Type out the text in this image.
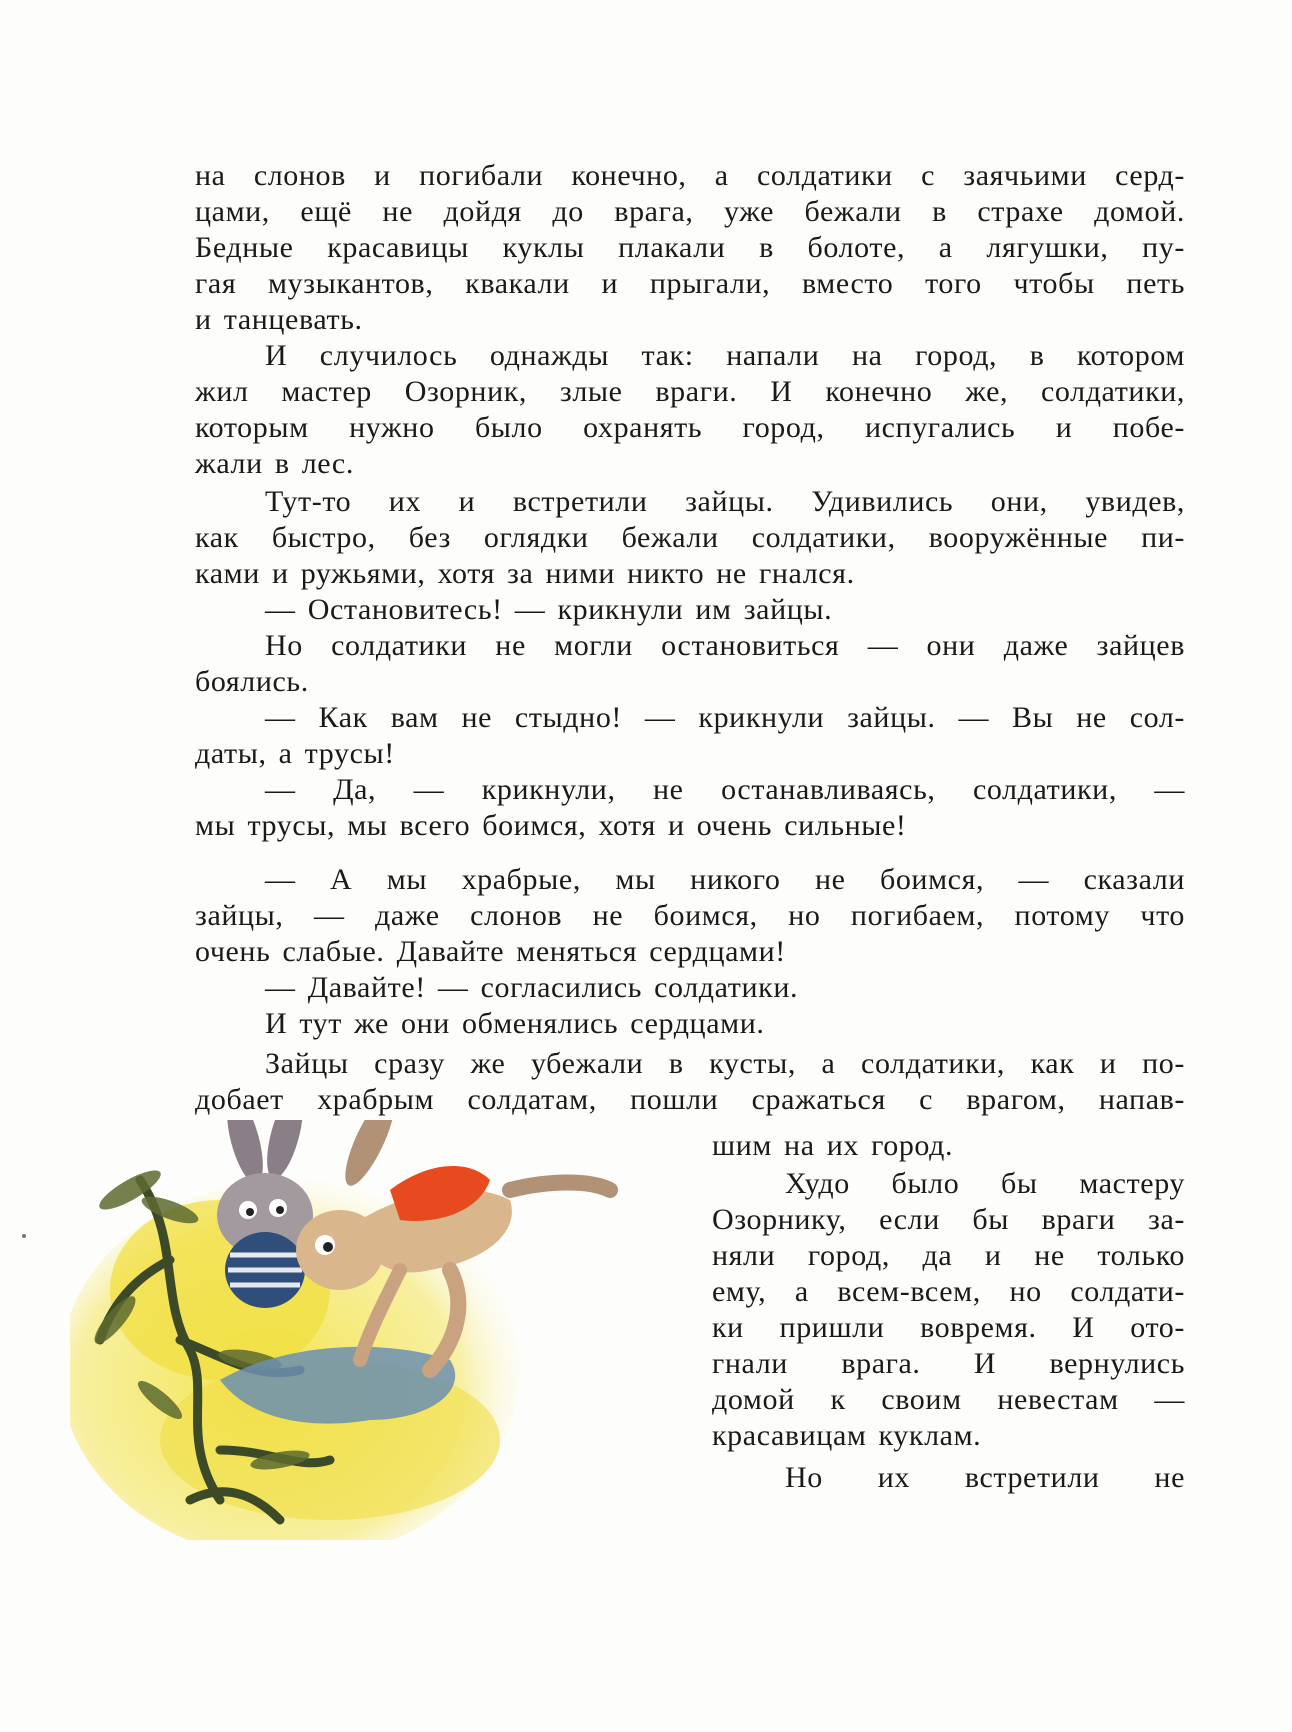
на слонов и погибали конечно, а солдатики с заячьими серд-
цами, ещё не дойдя до врага, уже бежали в страхе домой.
Бедные красавицы куклы плакали в болоте, а лягушки, пу-
гая музыкантов, квакали и прыгали, вместо того чтобы петь
и танцевать.
И случилось однажды так: напали на город, в котором
жил мастер Озорник, злые враги. И конечно же, солдатики,
которым нужно было охранять город, испугались и побе-
жали в лес.
Тут-то их и встретили зайцы. Удивились они, увидев,
как быстро, без оглядки бежали солдатики, вооружённые пи-
ками и ружьями, хотя за ними никто не гнался.
— Остановитесь! — крикнули им зайцы.
Но солдатики не могли остановиться — они даже зайцев
боялись.
— Как вам не стыдно! — крикнули зайцы. — Вы не сол-
даты, а трусы!
— Да, — крикнули, не останавливаясь, солдатики, —
мы трусы, мы всего боимся, хотя и очень сильные!
— А мы храбрые, мы никого не боимся, — сказали
зайцы, — даже слонов не боимся, но погибаем, потому что
очень слабые. Давайте меняться сердцами!
— Давайте! — согласились солдатики.
И тут же они обменялись сердцами.
Зайцы сразу же убежали в кусты, а солдатики, как и по-
добает храбрым солдатам, пошли сражаться с врагом, напав-
шим на их город.
Худо было бы мастеру
Озорнику, если бы враги за-
няли город, да и не только
ему, а всем-всем, но солдати-
ки пришли вовремя. И ото-
гнали врага. И вернулись
домой к своим невестам —
красавицам куклам.
Но их встретили не
